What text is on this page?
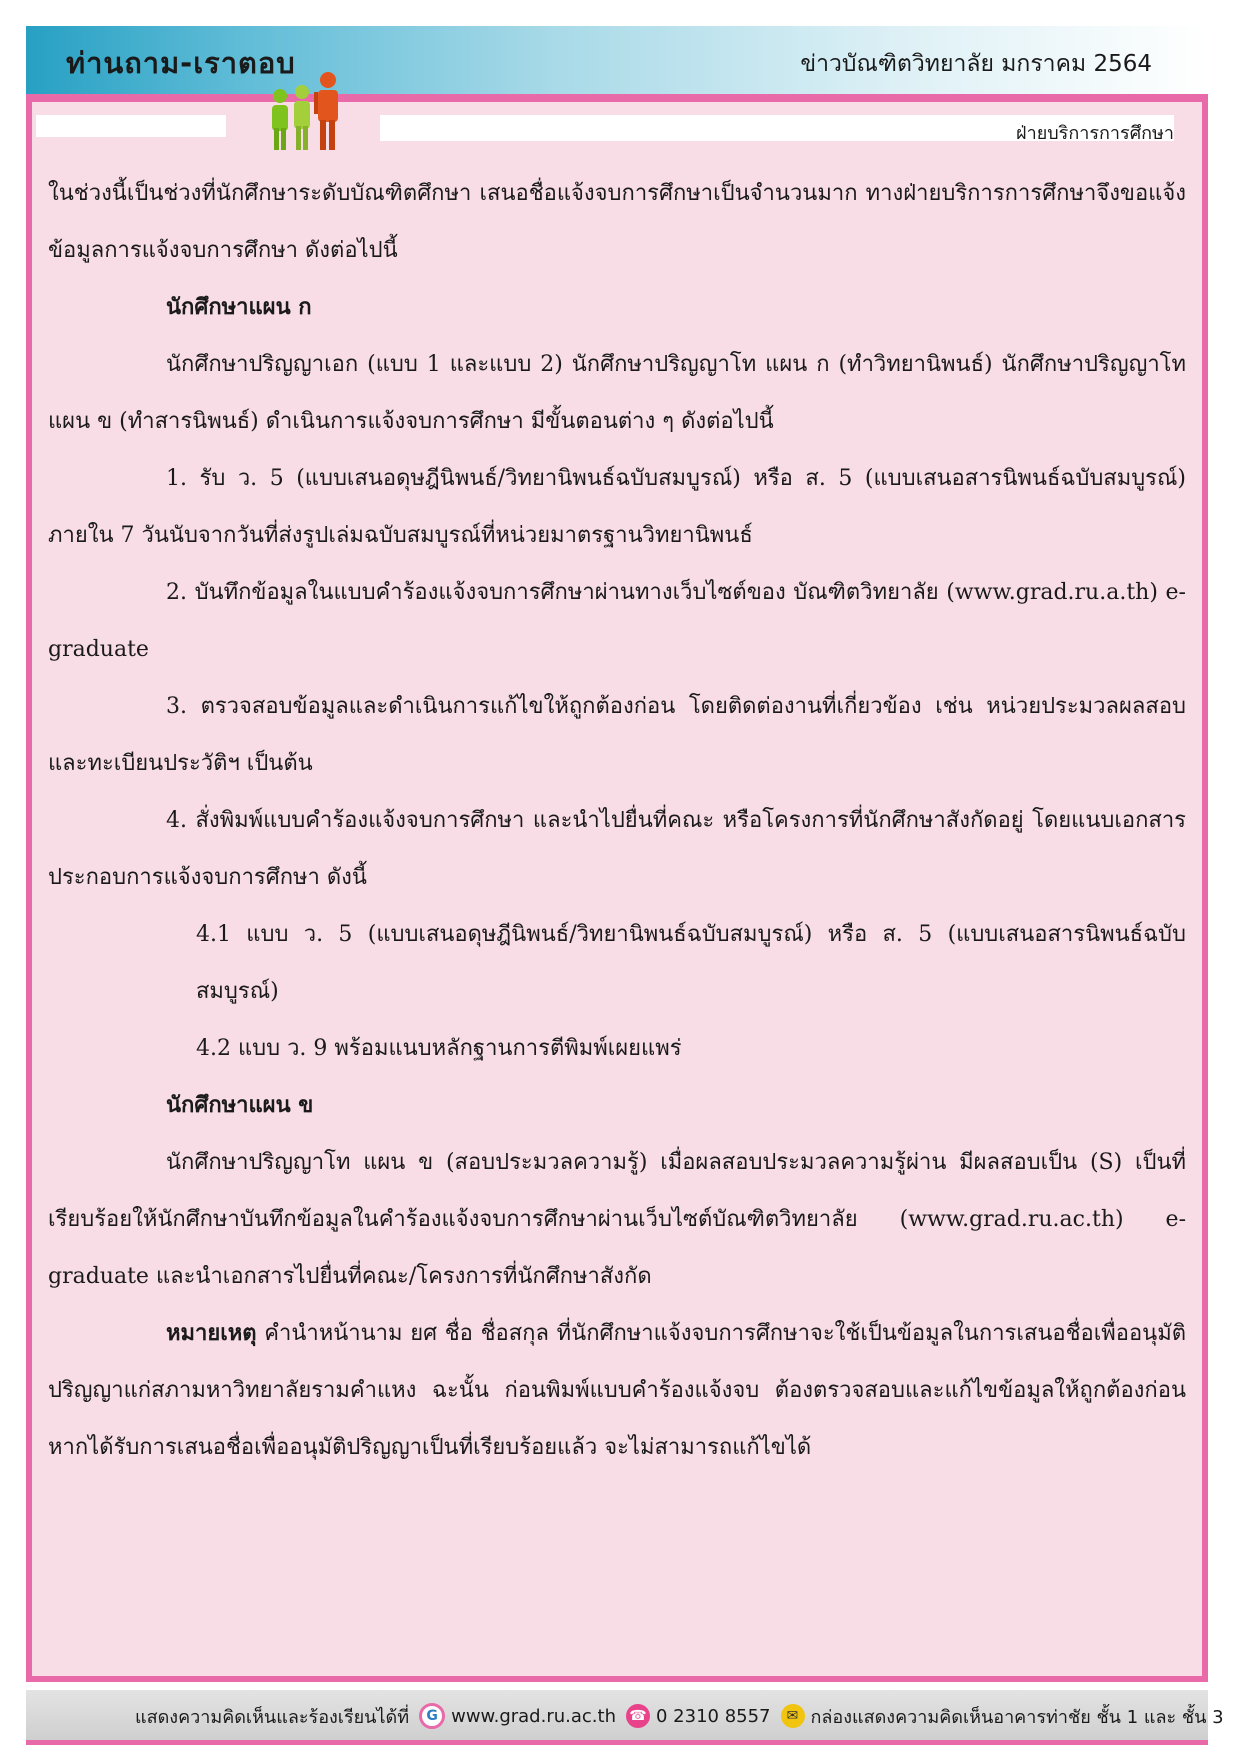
ท่านถาม-เราตอบ	ข่าวบัณฑิตวิทยาลัย มกราคม 2564
ฝ่ายบริการการศึกษา

ในช่วงนี้เป็นช่วงที่นักศึกษาระดับบัณฑิตศึกษา เสนอชื่อแจ้งจบการศึกษาเป็นจำนวนมาก ทางฝ่ายบริการการศึกษาจึงขอแจ้งข้อมูลการแจ้งจบการศึกษา ดังต่อไปนี้

นักศึกษาแผน ก

นักศึกษาปริญญาเอก (แบบ 1 และแบบ 2) นักศึกษาปริญญาโท แผน ก (ทำวิทยานิพนธ์) นักศึกษาปริญญาโท แผน ข (ทำสารนิพนธ์) ดำเนินการแจ้งจบการศึกษา มีขั้นตอนต่าง ๆ ดังต่อไปนี้

1. รับ ว. 5 (แบบเสนอดุษฎีนิพนธ์/วิทยานิพนธ์ฉบับสมบูรณ์) หรือ ส. 5 (แบบเสนอสารนิพนธ์ฉบับสมบูรณ์) ภายใน 7 วันนับจากวันที่ส่งรูปเล่มฉบับสมบูรณ์ที่หน่วยมาตรฐานวิทยานิพนธ์

2. บันทึกข้อมูลในแบบคำร้องแจ้งจบการศึกษาผ่านทางเว็บไซต์ของ บัณฑิตวิทยาลัย (www.grad.ru.a.th) e-graduate

3. ตรวจสอบข้อมูลและดำเนินการแก้ไขให้ถูกต้องก่อน โดยติดต่องานที่เกี่ยวข้อง เช่น หน่วยประมวลผลสอบและทะเบียนประวัติฯ เป็นต้น

4. สั่งพิมพ์แบบคำร้องแจ้งจบการศึกษา และนำไปยื่นที่คณะ หรือโครงการที่นักศึกษาสังกัดอยู่ โดยแนบเอกสารประกอบการแจ้งจบการศึกษา ดังนี้

4.1 แบบ ว. 5 (แบบเสนอดุษฎีนิพนธ์/วิทยานิพนธ์ฉบับสมบูรณ์) หรือ ส. 5 (แบบเสนอสารนิพนธ์ฉบับสมบูรณ์)

4.2 แบบ ว. 9 พร้อมแนบหลักฐานการตีพิมพ์เผยแพร่

นักศึกษาแผน ข

นักศึกษาปริญญาโท แผน ข (สอบประมวลความรู้) เมื่อผลสอบประมวลความรู้ผ่าน มีผลสอบเป็น (S) เป็นที่เรียบร้อยให้นักศึกษาบันทึกข้อมูลในคำร้องแจ้งจบการศึกษาผ่านเว็บไซต์บัณฑิตวิทยาลัย (www.grad.ru.ac.th) e-graduate และนำเอกสารไปยื่นที่คณะ/โครงการที่นักศึกษาสังกัด

หมายเหตุ คำนำหน้านาม ยศ ชื่อ ชื่อสกุล ที่นักศึกษาแจ้งจบการศึกษาจะใช้เป็นข้อมูลในการเสนอชื่อเพื่ออนุมัติปริญญาแก่สภามหาวิทยาลัยรามคำแหง ฉะนั้น ก่อนพิมพ์แบบคำร้องแจ้งจบ ต้องตรวจสอบและแก้ไขข้อมูลให้ถูกต้องก่อน หากได้รับการเสนอชื่อเพื่ออนุมัติปริญญาเป็นที่เรียบร้อยแล้ว จะไม่สามารถแก้ไขได้

แสดงความคิดเห็นและร้องเรียนได้ที่	G www.grad.ru.ac.th ☎ 0 2310 8557	✉ กล่องแสดงความคิดเห็นอาคารท่าชัย ชั้น 1 และ ชั้น 3
